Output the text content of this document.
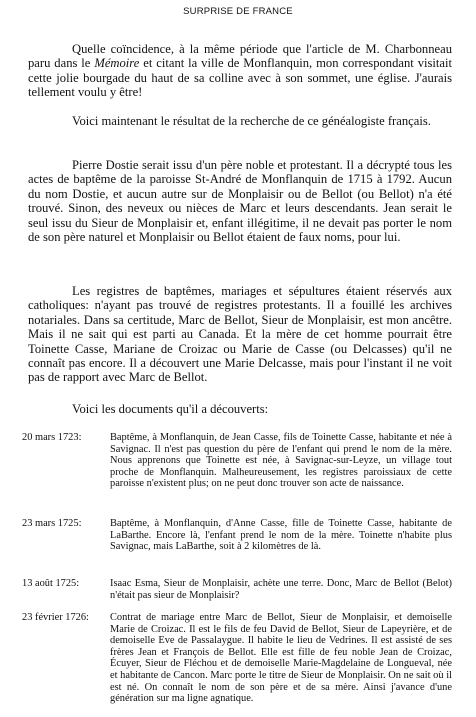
SURPRISE DE FRANCE

Quelle coïncidence, à la même période que l'article de M. Charbonneau paru dans le Mémoire et citant la ville de Monflanquin, mon correspondant visitait cette jolie bourgade du haut de sa colline avec à son sommet, une église. J'aurais tellement voulu y être!

Voici maintenant le résultat de la recherche de ce généalogiste français.

Pierre Dostie serait issu d'un père noble et protestant. Il a décrypté tous les actes de baptême de la paroisse St-André de Monflanquin de 1715 à 1792. Aucun du nom Dostie, et aucun autre sur de Monplaisir ou de Bellot (ou Bellot) n'a été trouvé. Sinon, des neveux ou nièces de Marc et leurs descendants. Jean serait le seul issu du Sieur de Monplaisir et, enfant illégitime, il ne devait pas porter le nom de son père naturel et Monplaisir ou Bellot étaient de faux noms, pour lui.

Les registres de baptêmes, mariages et sépultures étaient réservés aux catholiques: n'ayant pas trouvé de registres protestants. Il a fouillé les archives notariales. Dans sa certitude, Marc de Bellot, Sieur de Monplaisir, est mon ancêtre. Mais il ne sait qui est parti au Canada. Et la mère de cet homme pourrait être Toinette Casse, Mariane de Croizac ou Marie de Casse (ou Delcasses) qu'il ne connaît pas encore. Il a découvert une Marie Delcasse, mais pour l'instant il ne voit pas de rapport avec Marc de Bellot.

Voici les documents qu'il a découverts:

20 mars 1723:	Baptême, à Monflanquin, de Jean Casse, fils de Toinette Casse, habitante et née à Savignac. Il n'est pas question du père de l'enfant qui prend le nom de la mère. Nous apprenons que Toinette est née, à Savignac-sur-Leyze, un village tout proche de Monflanquin. Malheureusement, les registres paroissiaux de cette paroisse n'existent plus; on ne peut donc trouver son acte de naissance.
23 mars 1725:	Baptême, à Monflanquin, d'Anne Casse, fille de Toinette Casse, habitante de LaBarthe. Encore là, l'enfant prend le nom de la mère. Toinette n'habite plus Savignac, mais LaBarthe, soit à 2 kilomètres de là.
13 août 1725:	Isaac Esma, Sieur de Monplaisir, achète une terre. Donc, Marc de Bellot (Belot) n'était pas sieur de Monplaisir?
23 février 1726:	Contrat de mariage entre Marc de Bellot, Sieur de Monplaisir, et demoiselle Marie de Croizac. Il est le fils de feu David de Bellot, Sieur de Lapeyrière, et de demoiselle Eve de Passalaygue. Il habite le lieu de Vedrines. Il est assisté de ses frères Jean et François de Bellot. Elle est fille de feu noble Jean de Croizac, Écuyer, Sieur de Fléchou et de demoiselle Marie-Magdelaine de Longueval, née et habitante de Cancon. Marc porte le titre de Sieur de Monplaisir. On ne sait où il est né. On connaît le nom de son père et de sa mère. Ainsi j'avance d'une génération sur ma ligne agnatique.
